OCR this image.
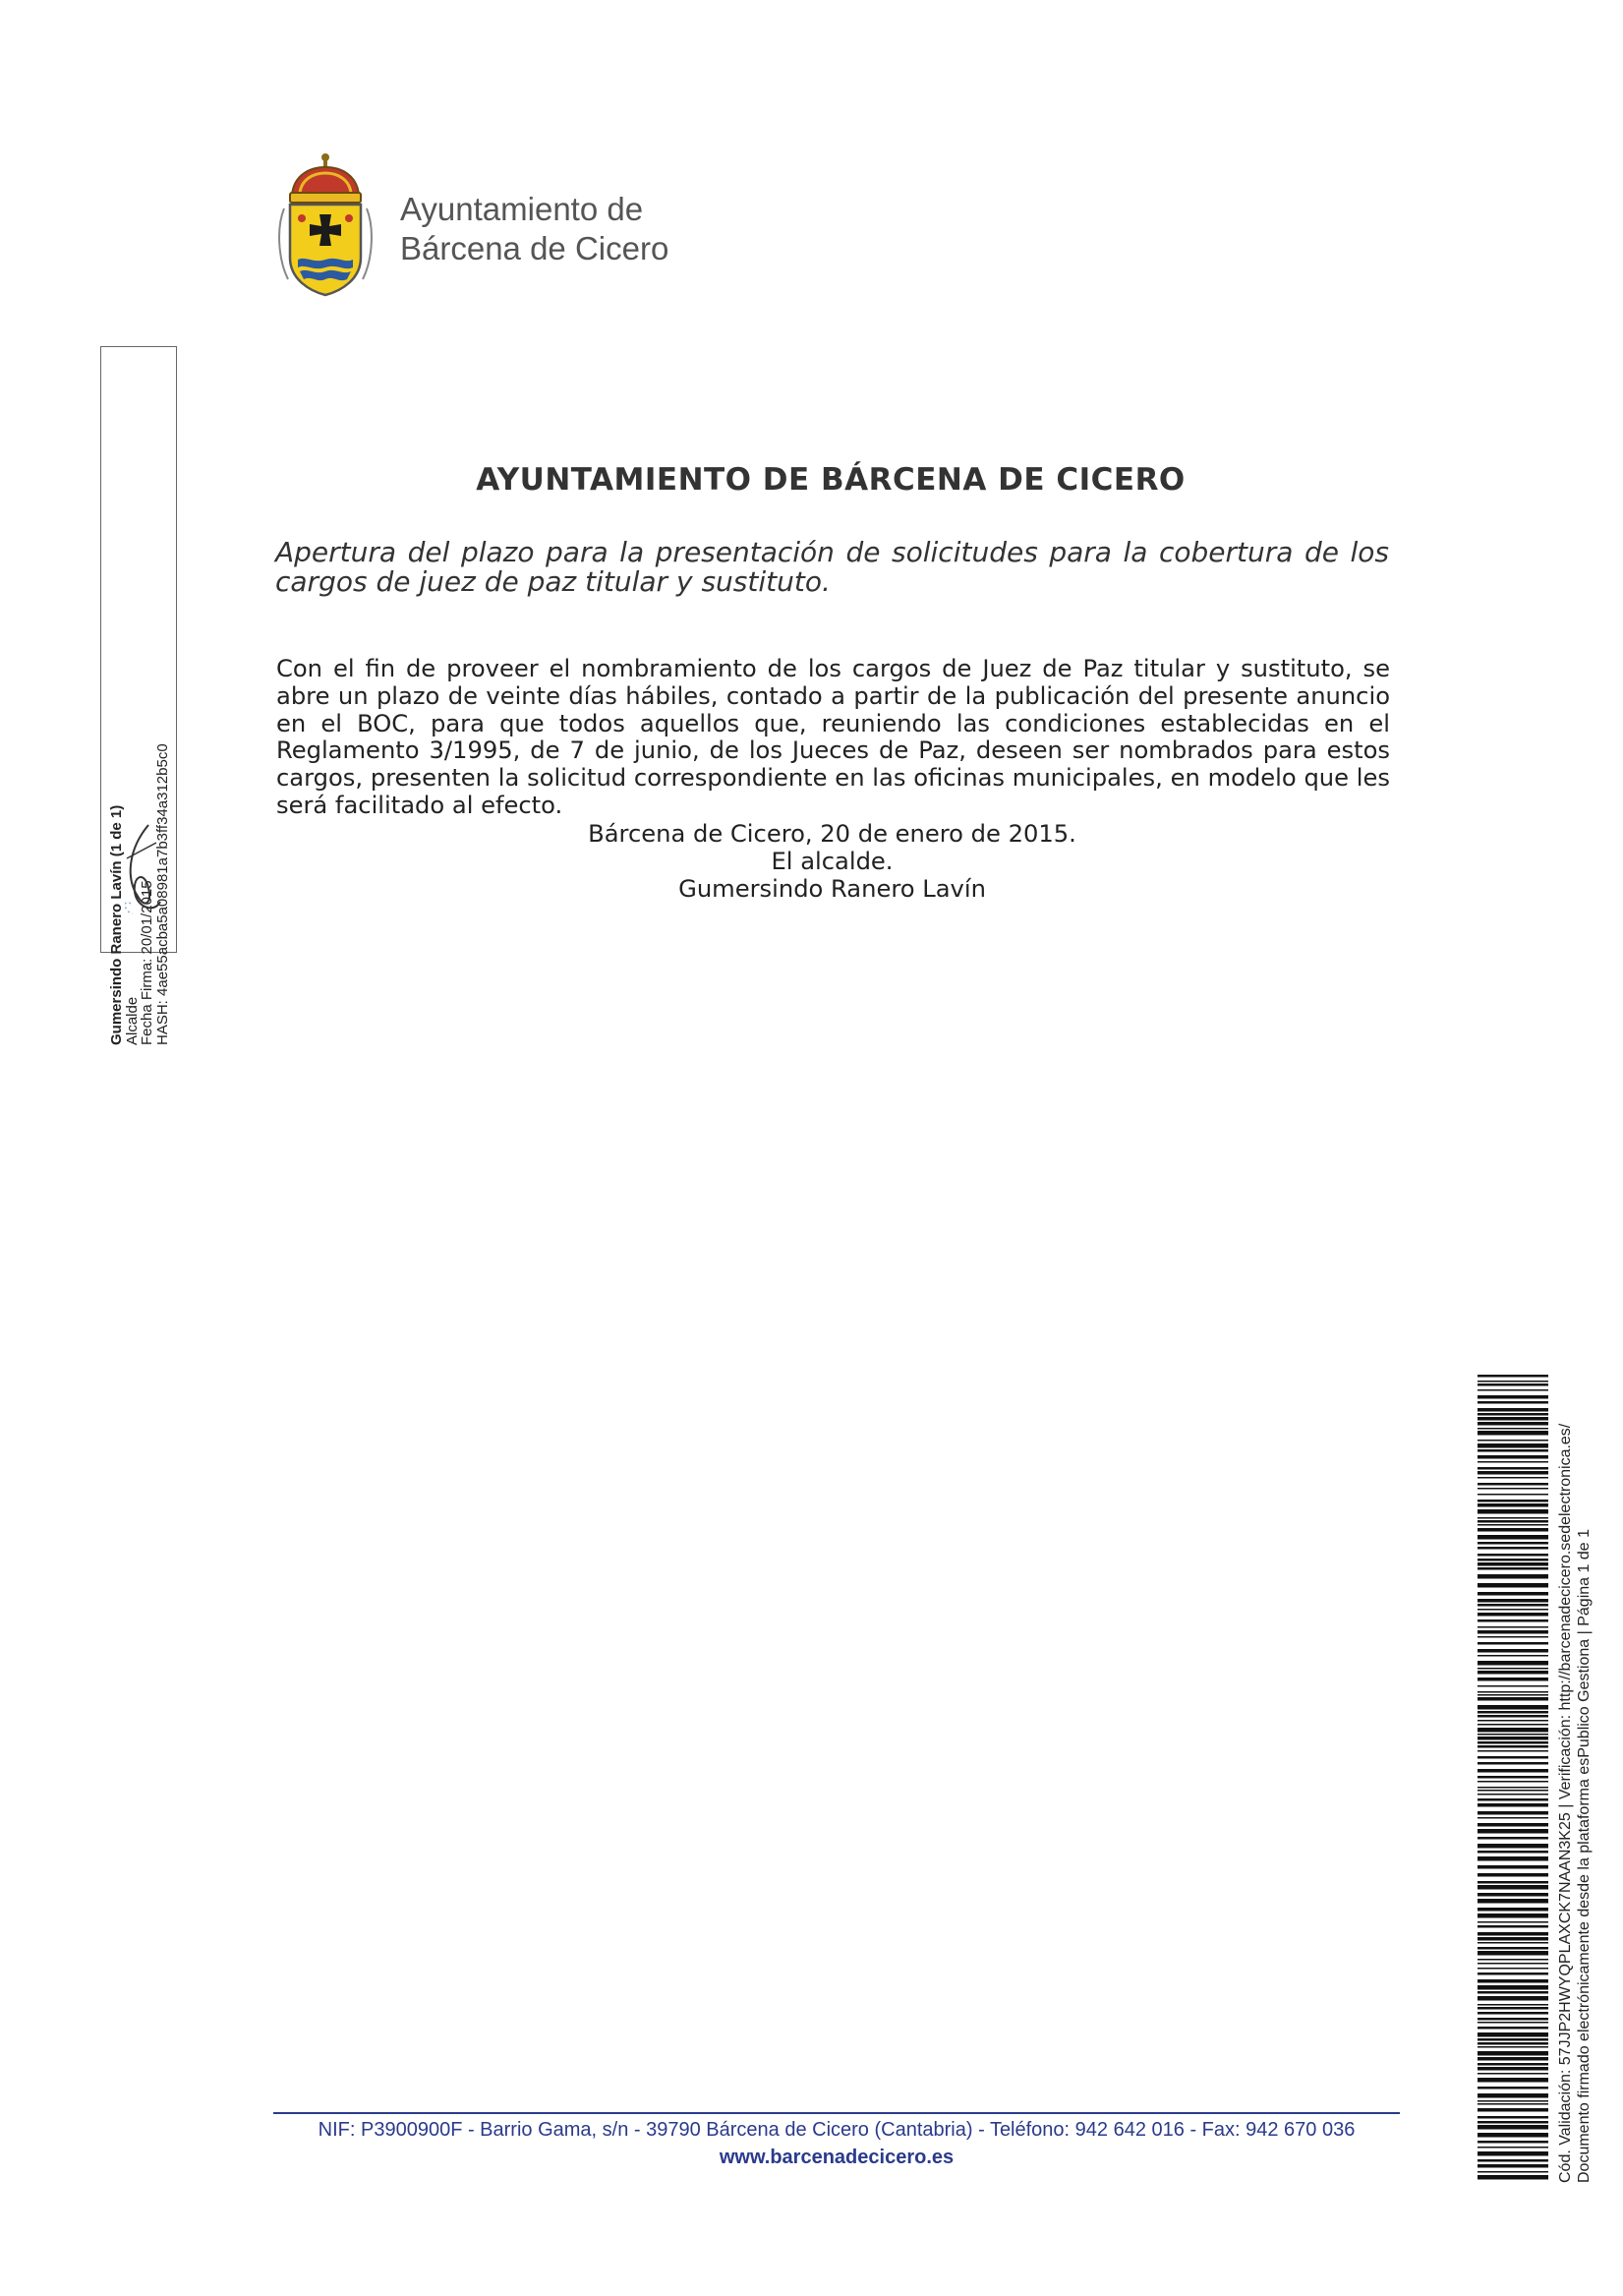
Ayuntamiento de
Bárcena de Cicero
Gumersindo Ranero Lavín (1 de 1)
Alcalde
Fecha Firma: 20/01/2015
HASH: 4ae55acba5a08981a7b3ff34a312b5c0
AYUNTAMIENTO DE BÁRCENA DE CICERO
Apertura del plazo para la presentación de solicitudes para la cobertura de los cargos de juez de paz titular y sustituto.
Con el fin de proveer el nombramiento de los cargos de Juez de Paz titular y sustituto, se abre un plazo de veinte días hábiles, contado a partir de la publicación del presente anuncio en el BOC, para que todos aquellos que, reuniendo las condiciones establecidas en el Reglamento 3/1995, de 7 de junio, de los Jueces de Paz, deseen ser nombrados para estos cargos, presenten la solicitud correspondiente en las oficinas municipales, en modelo que les será facilitado al efecto.
Bárcena de Cicero, 20 de enero de 2015.
El alcalde.
Gumersindo Ranero Lavín
NIF: P3900900F - Barrio Gama, s/n - 39790 Bárcena de Cicero (Cantabria) - Teléfono: 942 642 016 - Fax: 942 670 036
www.barcenadecicero.es	Cód. Validación: 57JJP2HWYQPLAXCK7NAAN3K25 | Verificación: http://barcenadecicero.sedelectronica.es/ Documento firmado electrónicamente desde la plataforma esPublico Gestiona | Página 1 de 1
